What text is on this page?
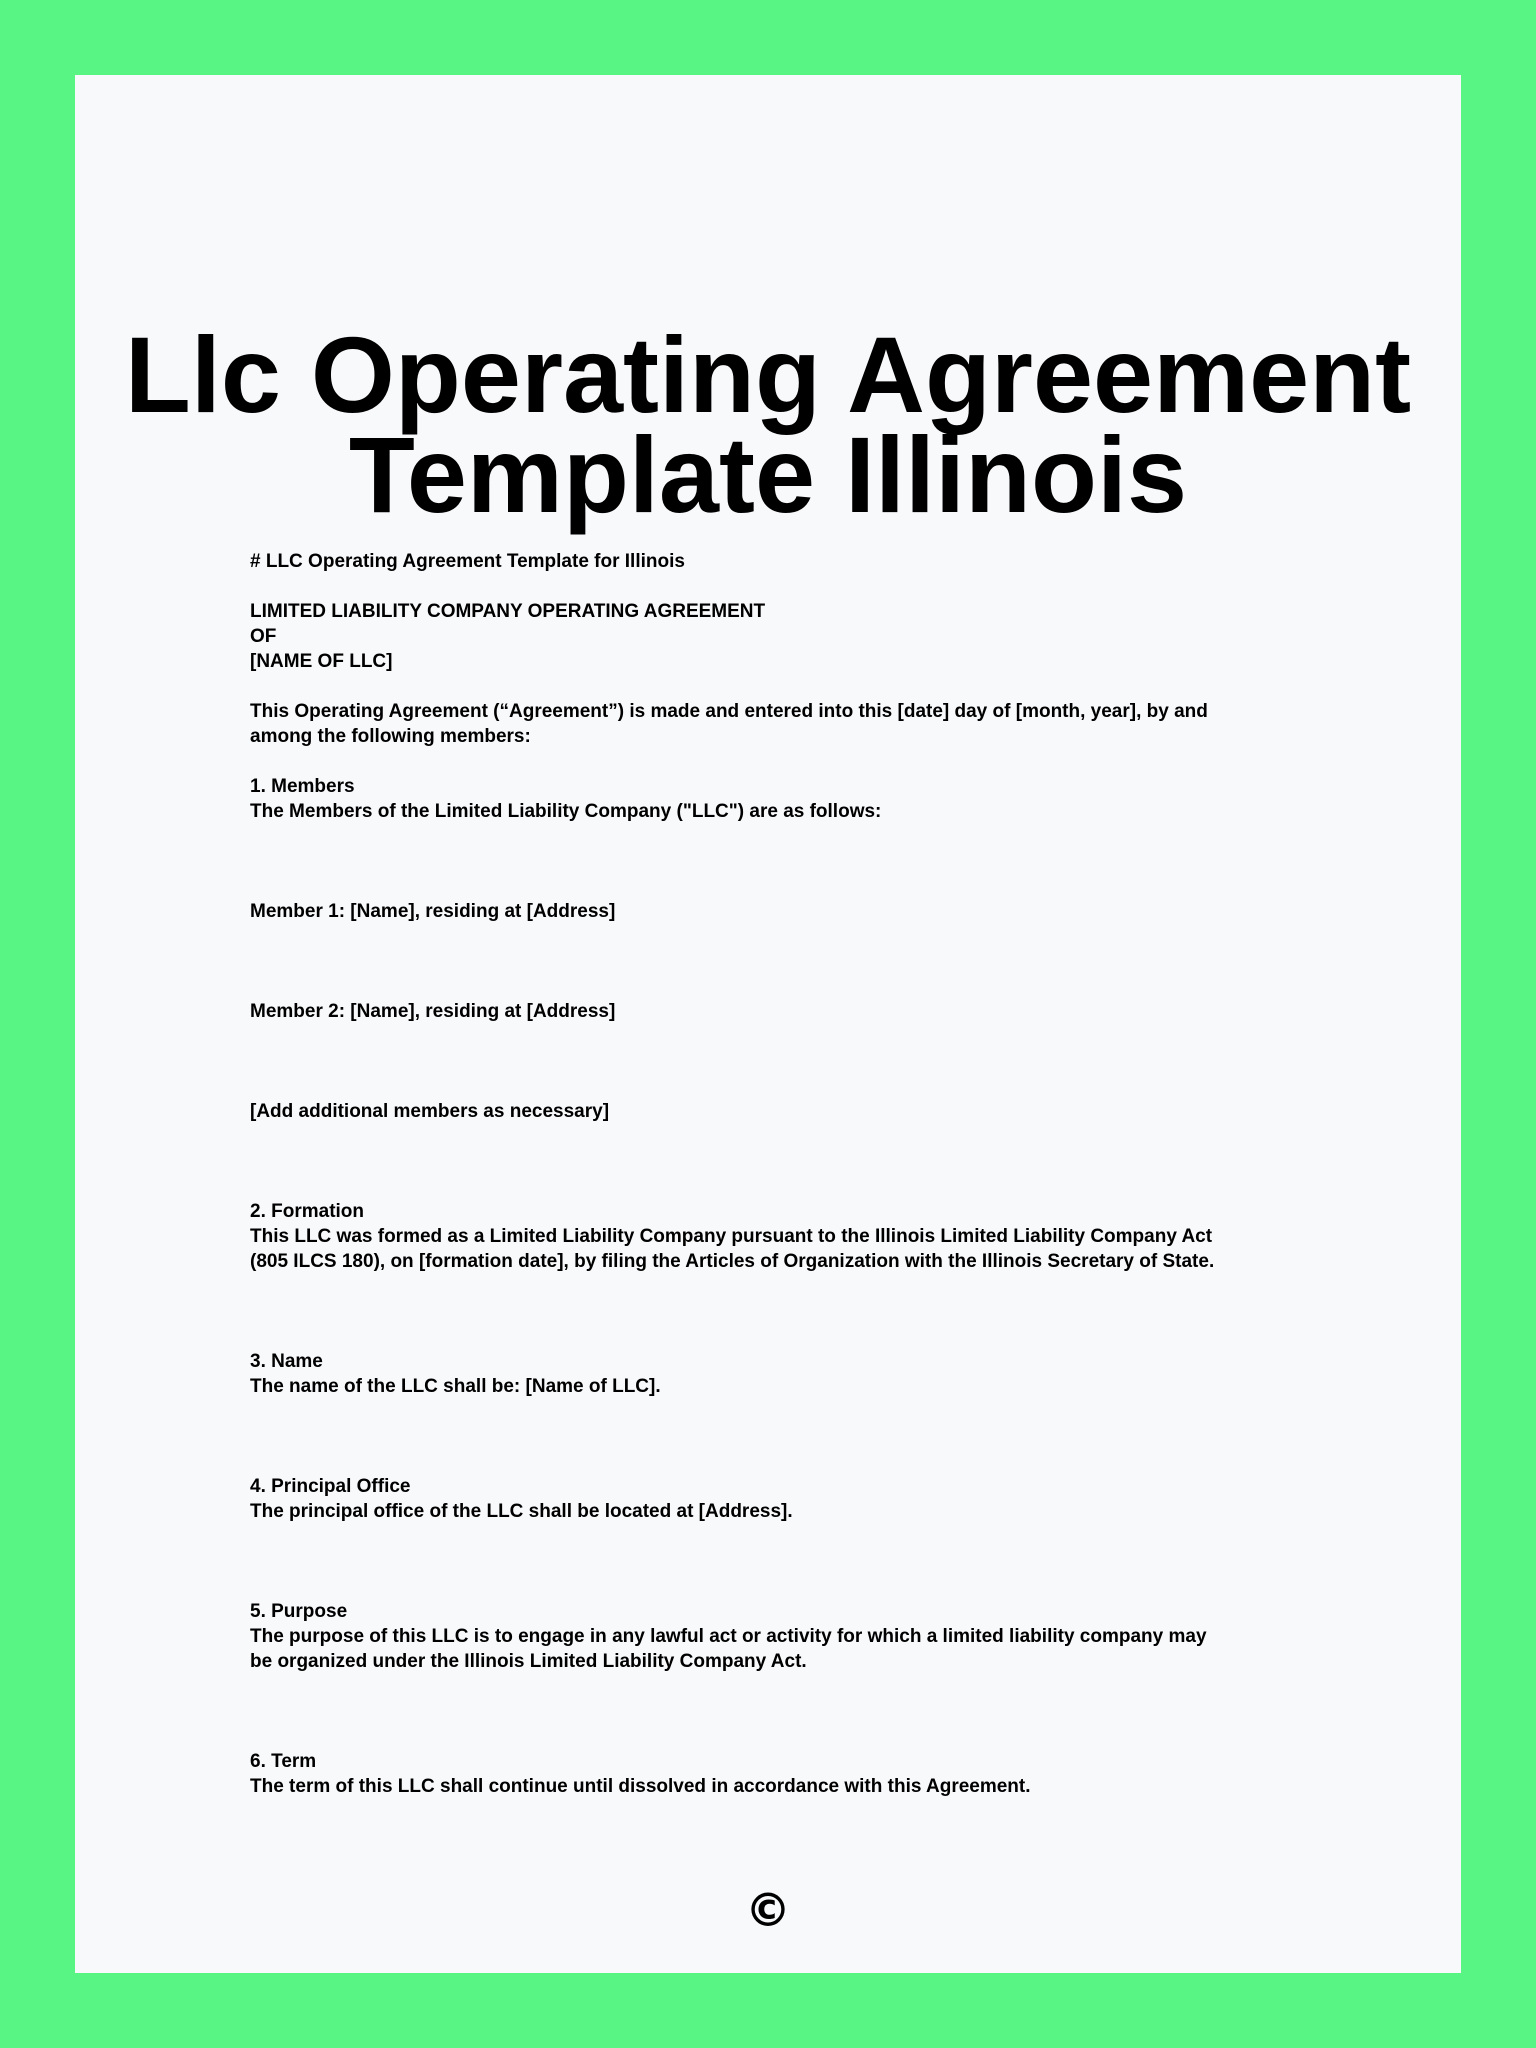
Llc Operating Agreement
Template Illinois

# LLC Operating Agreement Template for Illinois

LIMITED LIABILITY COMPANY OPERATING AGREEMENT

OF

[NAME OF LLC]

This Operating Agreement (“Agreement”) is made and entered into this [date] day of [month, year], by and

among the following members:

1. Members

The Members of the Limited Liability Company ("LLC") are as follows:

Member 1: [Name], residing at [Address]

Member 2: [Name], residing at [Address]

[Add additional members as necessary]

2. Formation

This LLC was formed as a Limited Liability Company pursuant to the Illinois Limited Liability Company Act

(805 ILCS 180), on [formation date], by filing the Articles of Organization with the Illinois Secretary of State.

3. Name

The name of the LLC shall be: [Name of LLC].

4. Principal Office

The principal office of the LLC shall be located at [Address].

5. Purpose

The purpose of this LLC is to engage in any lawful act or activity for which a limited liability company may

be organized under the Illinois Limited Liability Company Act.

6. Term

The term of this LLC shall continue until dissolved in accordance with this Agreement.

©
